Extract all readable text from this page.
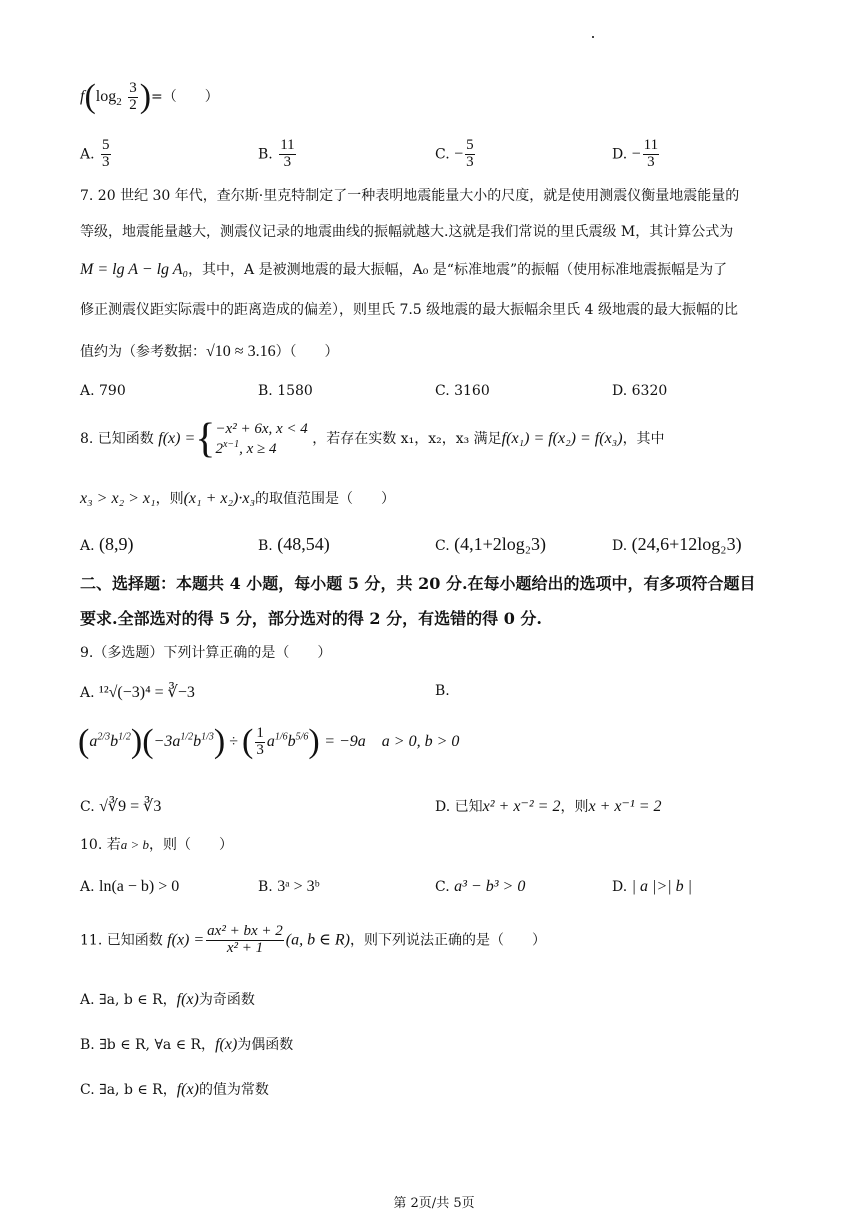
$f(\log_2 \frac{3}{2}$ )=（　　）
A. $\frac{5}{3}$	B. $\frac{11}{3}$	C. − $\frac{5}{3}$	D. − $\frac{11}{3}$
7. 20 世纪 30 年代，查尔斯·里克特制定了一种表明地震能量大小的尺度，就是使用测震仪衡量地震能量的
等级，地震能量越大，测震仪记录的地震曲线的振幅就越大.这就是我们常说的里氏震级 M，其计算公式为
M = lg A − lg A₀，其中，A 是被测地震的最大振幅，A₀ 是“标准地震”的振幅（使用标准地震振幅是为了
修正测震仪距实际震中的距离造成的偏差），则里氏 7.5 级地震的最大振幅余里氏 4 级地震的最大振幅的比
值约为（参考数据：√10 ≈ 3.16）（　　）
A. 790	B. 1580	C. 3160	D. 6320
8. 已知函数 f(x) ={ −x² + 6x, x < 4
$2^{x-1}$, x ≥ 4
，若存在实数 x₁，x₂，x₃ 满足f(x₁) = f(x₂) = f(x₃)，其中
x₃ > x₂ > x₁，则(x₁ + x₂)·x₃的取值范围是（　　）
A. (8,9)	B. (48,54)	C. (4,1+2log₂3)	D. (24,6+12log₂3)
二、选择题：本题共 4 小题，每小题 5 分，共 20 分.在每小题给出的选项中，有多项符合题目
要求.全部选对的得 5 分，部分选对的得 2 分，有选错的得 0 分.
9.（多选题）下列计算正确的是（　　）
A. ¹²√(−3)⁴ = ∛−3	B.
$(a^{2/3}b^{1/2})(-3a^{1/2}b^{1/3})$ ÷ ( $\frac{1}{3} a^{1/6}b^{5/6}) = -9a$　a > 0, b > 0
C. √∛9 = ∛3	D. 已知x² + x⁻² = 2，则x + x⁻¹ = 2
10. 若a > b，则（　　）
A. ln(a − b) > 0	B. 3ᵃ > 3ᵇ	C. a³ − b³ > 0	D. | a |>| b |
11. 已知函数 $f(x) = \frac{\text{ax² + bx + 2}}{\text{x² + 1}} (a$, b ∈ R)，则下列说法正确的是（　　）
A. ∃a, b ∈ R，f(x)为奇函数
B. ∃b ∈ R, ∀a ∈ R，f(x)为偶函数
C. ∃a, b ∈ R，f(x)的值为常数
第 2页/共 5页
